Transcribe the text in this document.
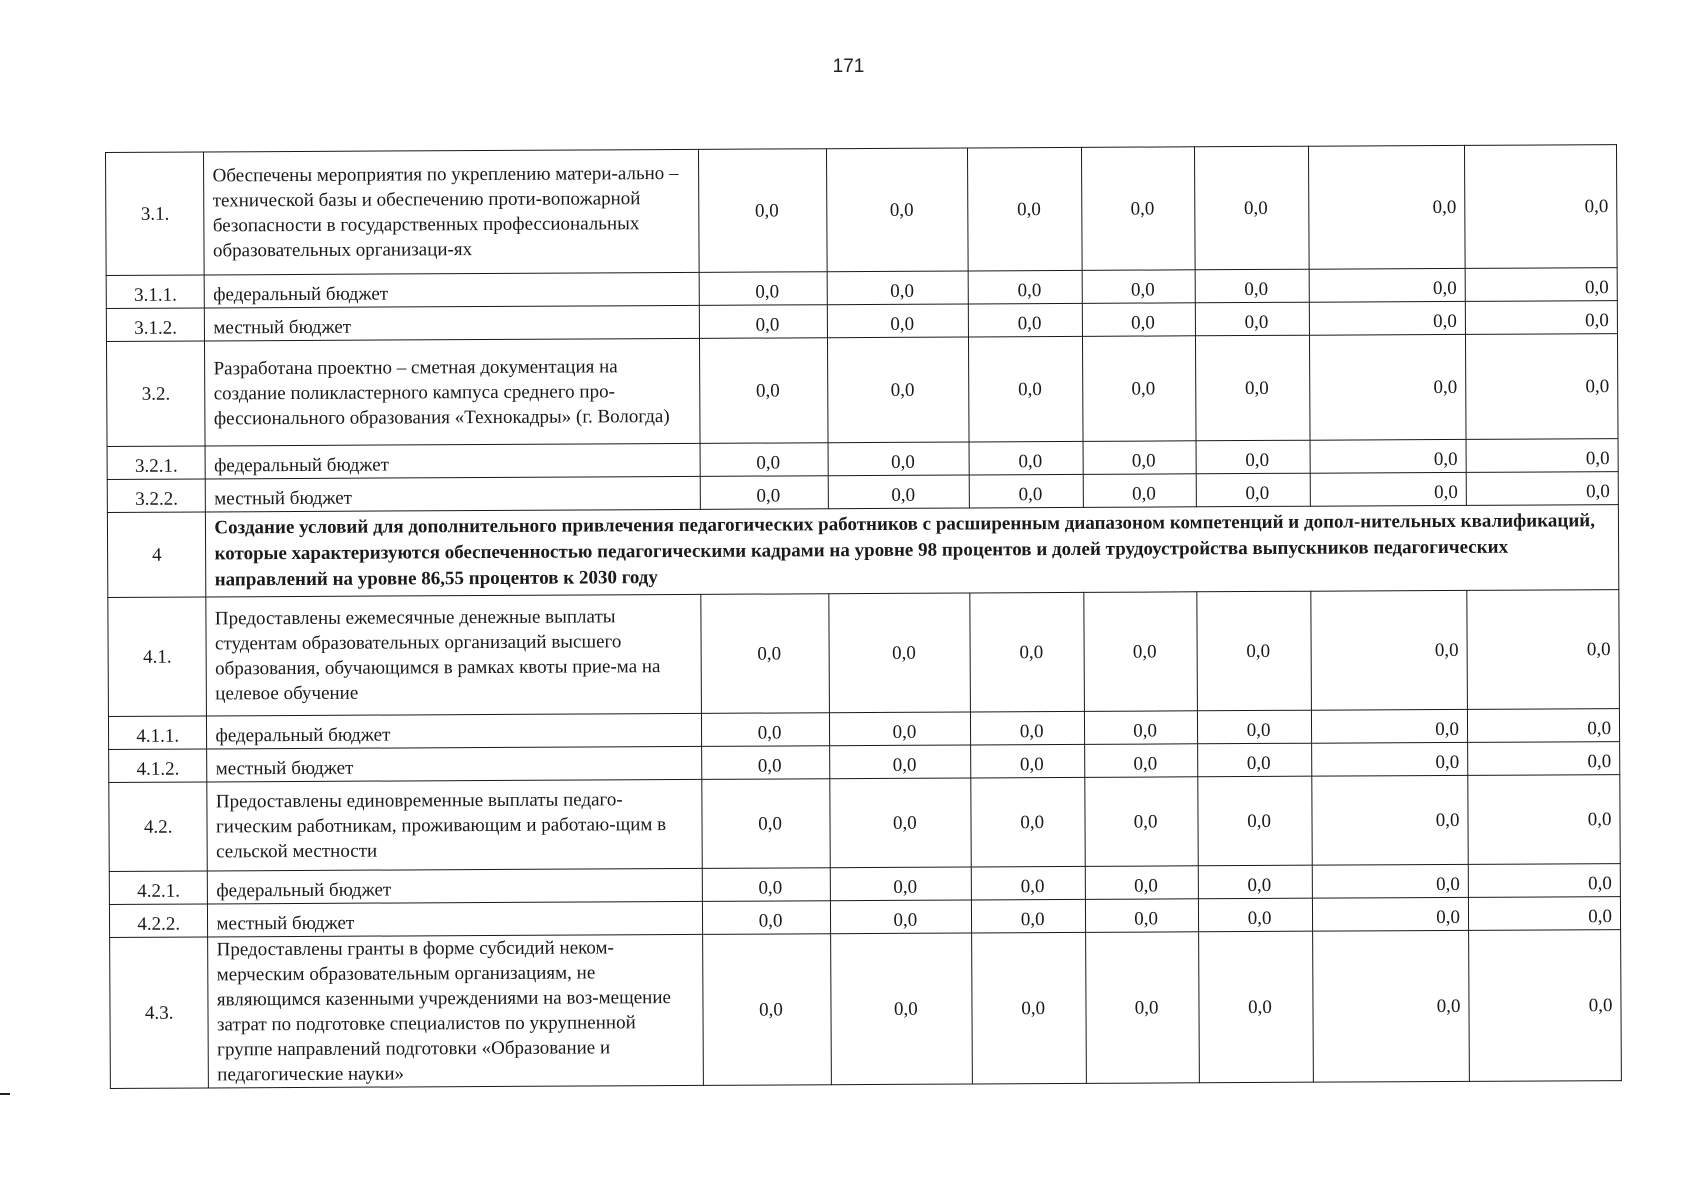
171
3.1.	Обеспечены мероприятия по укреплению матери-ально – технической базы и обеспечению проти-вопожарной безопасности в государственных профессиональных образовательных организаци-ях	0,0	0,0	0,0	0,0	0,0	0,0	0,0
3.1.1.	федеральный бюджет	0,0	0,0	0,0	0,0	0,0	0,0	0,0
3.1.2.	местный бюджет	0,0	0,0	0,0	0,0	0,0	0,0	0,0
3.2.	Разработана проектно – сметная документация на создание поликластерного кампуса среднего про-фессионального образования «Технокадры» (г. Вологда)	0,0	0,0	0,0	0,0	0,0	0,0	0,0
3.2.1.	федеральный бюджет	0,0	0,0	0,0	0,0	0,0	0,0	0,0
3.2.2.	местный бюджет	0,0	0,0	0,0	0,0	0,0	0,0	0,0
4	Создание условий для дополнительного привлечения педагогических работников с расширенным диапазоном компетенций и допол-нительных квалификаций, которые характеризуются обеспеченностью педагогическими кадрами на уровне 98 процентов и долей трудоустройства выпускников педагогических направлений на уровне 86,55 процентов к 2030 году							
4.1.	Предоставлены ежемесячные денежные выплаты студентам образовательных организаций высшего образования, обучающимся в рамках квоты прие-ма на целевое обучение	0,0	0,0	0,0	0,0	0,0	0,0	0,0
4.1.1.	федеральный бюджет	0,0	0,0	0,0	0,0	0,0	0,0	0,0
4.1.2.	местный бюджет	0,0	0,0	0,0	0,0	0,0	0,0	0,0
4.2.	Предоставлены единовременные выплаты педаго-гическим работникам, проживающим и работаю-щим в сельской местности	0,0	0,0	0,0	0,0	0,0	0,0	0,0
4.2.1.	федеральный бюджет	0,0	0,0	0,0	0,0	0,0	0,0	0,0
4.2.2.	местный бюджет	0,0	0,0	0,0	0,0	0,0	0,0	0,0
4.3.	Предоставлены гранты в форме субсидий неком-мерческим образовательным организациям, не являющимся казенными учреждениями на воз-мещение затрат по подготовке специалистов по укрупненной группе направлений подготовки «Образование и педагогические науки»	0,0	0,0	0,0	0,0	0,0	0,0	0,0
